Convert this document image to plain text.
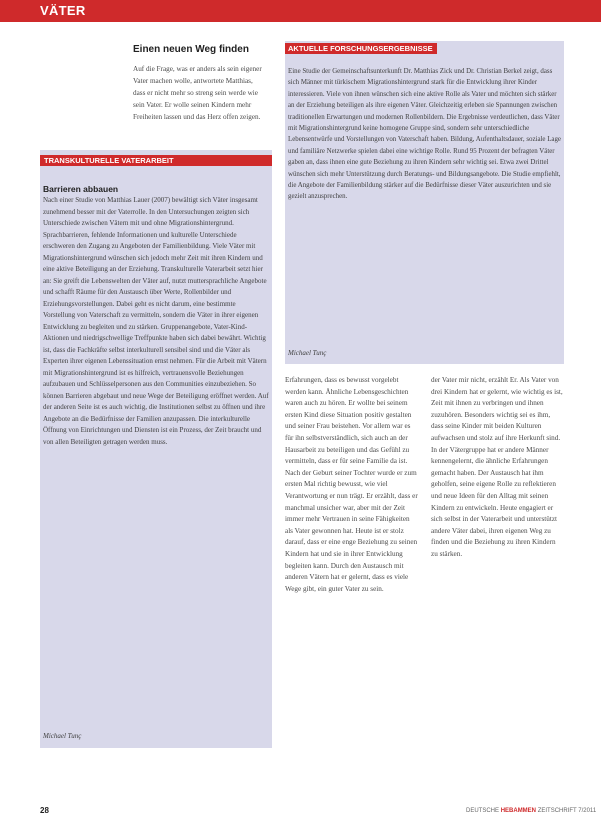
VÄTER
Einen neuen Weg finden
Auf die Frage, was er anders als sein eigener Vater machen wolle, antwortete Matthias, dass er nicht mehr so streng sein werde wie sein Vater. Er wolle seinen Kindern mehr Freiheiten lassen und das Herz offen zeigen.
TRANSKULTURELLE VATERARBEIT
Barrieren abbauen
Nach einer Studie von Matthias Lauer (2007) bewältigt sich Väter insgesamt zunehmend besser mit der Vaterrolle. In den Untersuchungen zeigten sich Unterschiede zwischen Vätern mit und ohne Migrationshintergrund. Sprachbarrieren, fehlende Informationen und kulturelle Unterschiede erschweren den Zugang zu Angeboten der Familienbildung. Viele Väter mit Migrationshintergrund wünschen sich jedoch mehr Zeit mit ihren Kindern und eine aktive Beteiligung an der Erziehung. Transkulturelle Vaterarbeit setzt hier an: Sie greift die Lebenswelten der Väter auf, nutzt muttersprachliche Angebote und schafft Räume für den Austausch über Werte, Rollenbilder und Erziehungsvorstellungen. Dabei geht es nicht darum, eine bestimmte Vorstellung von Vaterschaft zu vermitteln, sondern die Väter in ihrer eigenen Entwicklung zu begleiten und zu stärken. Gruppenangebote, Vater-Kind-Aktionen und niedrigschwellige Treffpunkte haben sich dabei bewährt. Wichtig ist, dass die Fachkräfte selbst interkulturell sensibel sind und die Väter als Experten ihrer eigenen Lebenssituation ernst nehmen. Für die Arbeit mit Vätern mit Migrationshintergrund ist es hilfreich, vertrauensvolle Beziehungen aufzubauen und Schlüsselpersonen aus den Communities einzubeziehen. So können Barrieren abgebaut und neue Wege der Beteiligung eröffnet werden. Auf der anderen Seite ist es auch wichtig, die Institutionen selbst zu öffnen und ihre Angebote an die Bedürfnisse der Familien anzupassen. Die interkulturelle Öffnung von Einrichtungen und Diensten ist ein Prozess, der Zeit braucht und von allen Beteiligten getragen werden muss.
Michael Tunç
AKTUELLE FORSCHUNGSERGEBNISSE
Eine Studie der Gemeinschaftsunterkunft Dr. Matthias Zick und Dr. Christian Berkel zeigt, dass sich Männer mit türkischem Migrationshintergrund stark für die Entwicklung ihrer Kinder interessieren. Viele von ihnen wünschen sich eine aktive Rolle als Vater und möchten sich stärker an der Erziehung beteiligen als ihre eigenen Väter. Gleichzeitig erleben sie Spannungen zwischen traditionellen Erwartungen und modernen Rollenbildern. Die Ergebnisse verdeutlichen, dass Väter mit Migrationshintergrund keine homogene Gruppe sind, sondern sehr unterschiedliche Lebensentwürfe und Vorstellungen von Vaterschaft haben. Bildung, Aufenthaltsdauer, soziale Lage und familiäre Netzwerke spielen dabei eine wichtige Rolle. Rund 95 Prozent der befragten Väter gaben an, dass ihnen eine gute Beziehung zu ihren Kindern sehr wichtig sei. Etwa zwei Drittel wünschen sich mehr Unterstützung durch Beratungs- und Bildungsangebote. Die Studie empfiehlt, die Angebote der Familienbildung stärker auf die Bedürfnisse dieser Väter auszurichten und sie gezielt anzusprechen.
Michael Tunç
Erfahrungen, dass es bewusst vorgelebt werden kann. Ähnliche Lebensgeschichten waren auch zu hören. Er wollte bei seinem ersten Kind diese Situation positiv gestalten und seiner Frau beistehen. Vor allem war es für ihn selbstverständlich, sich auch an der Hausarbeit zu beteiligen und das Gefühl zu vermitteln, dass er für seine Familie da ist. Nach der Geburt seiner Tochter wurde er zum ersten Mal richtig bewusst, wie viel Verantwortung er nun trägt. Er erzählt, dass er manchmal unsicher war, aber mit der Zeit immer mehr Vertrauen in seine Fähigkeiten als Vater gewonnen hat. Heute ist er stolz darauf, dass er eine enge Beziehung zu seinen Kindern hat und sie in ihrer Entwicklung begleiten kann. Durch den Austausch mit anderen Vätern hat er gelernt, dass es viele Wege gibt, ein guter Vater zu sein.
der Vater mir nicht, erzählt Er. Als Vater von drei Kindern hat er gelernt, wie wichtig es ist, Zeit mit ihnen zu verbringen und ihnen zuzuhören. Besonders wichtig sei es ihm, dass seine Kinder mit beiden Kulturen aufwachsen und stolz auf ihre Herkunft sind. In der Vätergruppe hat er andere Männer kennengelernt, die ähnliche Erfahrungen gemacht haben. Der Austausch hat ihm geholfen, seine eigene Rolle zu reflektieren und neue Ideen für den Alltag mit seinen Kindern zu entwickeln. Heute engagiert er sich selbst in der Vaterarbeit und unterstützt andere Väter dabei, ihren eigenen Weg zu finden und die Beziehung zu ihren Kindern zu stärken.
28	DEUTSCHE HEBAMMEN ZEITSCHRIFT 7/2011
